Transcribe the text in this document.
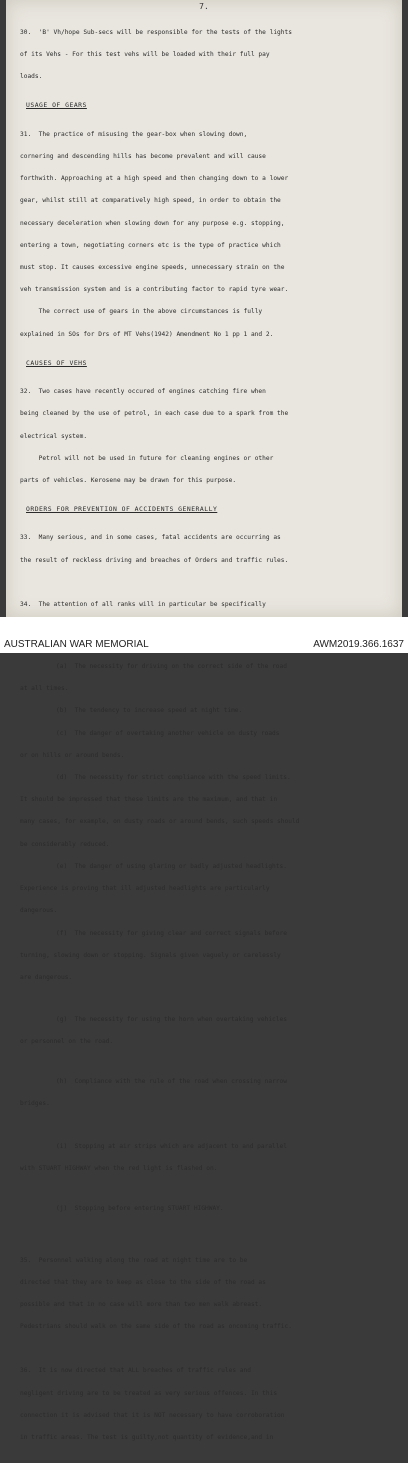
7.

30.  'B' Vh/hope Sub-secs will be responsible for the tests of the lights

of its Vehs - For this test vehs will be loaded with their full pay

loads.

USAGE OF GEARS

31.  The practice of misusing the gear-box when slowing down,

cornering and descending hills has become prevalent and will cause

forthwith. Approaching at a high speed and then changing down to a lower

gear, whilst still at comparatively high speed, in order to obtain the

necessary deceleration when slowing down for any purpose e.g. stopping,

entering a town, negotiating corners etc is the type of practice which

must stop. It causes excessive engine speeds, unnecessary strain on the

veh transmission system and is a contributing factor to rapid tyre wear.

The correct use of gears in the above circumstances is fully

explained in SOs for Drs of MT Vehs(1942) Amendment No 1 pp 1 and 2.

CAUSES OF VEHS

32.  Two cases have recently occured of engines catching fire when

being cleaned by the use of petrol, in each case due to a spark from the

electrical system.

Petrol will not be used in future for cleaning engines or other

parts of vehicles. Kerosene may be drawn for this purpose.

ORDERS FOR PREVENTION OF ACCIDENTS GENERALLY

33.  Many serious, and in some cases, fatal accidents are occurring as

the result of reckless driving and breaches of Orders and traffic rules.

34.  The attention of all ranks will in particular be specifically

(a)  The necessity for driving on the correct side of the road

at all times.

(b)  The tendency to increase speed at night time.

(c)  The danger of overtaking another vehicle on dusty roads

or on hills or around bends.

(d)  The necessity for strict compliance with the speed limits.

It should be impressed that these limits are the maximum, and that in

many cases, for example, on dusty roads or around bends, such speeds should

be considerably reduced.

(e)  The danger of using glaring or badly adjusted headlights.

Experience is proving that ill adjusted headlights are particularly

dangerous.

(f)  The necessity for giving clear and correct signals before

turning, slowing down or stopping. Signals given vaguely or carelessly

are dangerous.

(g)  The necessity for using the horn when overtaking vehicles

or personnel on the road.

(h)  Compliance with the rule of the road when crossing narrow

bridges.

(i)  Stopping at air strips which are adjacent to and parallel

with STUART HIGHWAY when the red light is flashed on.

(j)  Stopping before entering STUART HIGHWAY.

35.  Personnel walking along the road at night time are to be

directed that they are to keep as close to the side of the road as

possible and that in no case will more than two men walk abreast.

Pedestrians should walk on the same side of the road as oncoming traffic.

36.  It is now directed that ALL breaches of traffic rules and

negligent driving are to be treated as very serious offences. In this

connection it is advised that it is NOT necessary to have corroboration

in traffic areas. The test is guilty,not quantity of evidence,and in

AUSTRALIAN WAR MEMORIAL	AWM2019.366.1637
